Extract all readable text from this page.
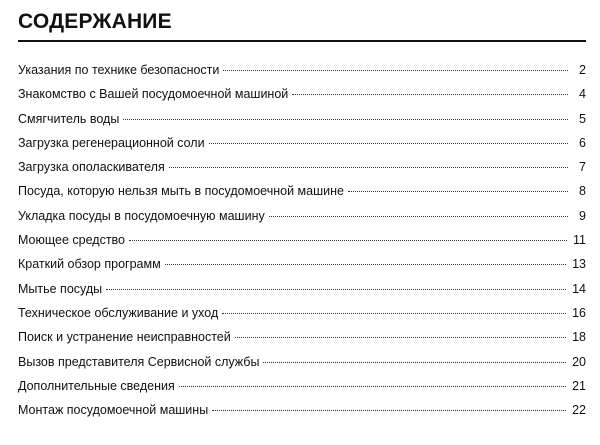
СОДЕРЖАНИЕ
Указания по технике безопасности	2
Знакомство с Вашей посудомоечной машиной	4
Смягчитель воды	5
Загрузка регенерационной соли	6
Загрузка ополаскивателя	7
Посуда, которую нельзя мыть в посудомоечной машине	8
Укладка посуды в посудомоечную машину	9
Моющее средство	11
Краткий обзор программ	13
Мытье посуды	14
Техническое обслуживание и уход	16
Поиск и устранение неисправностей	18
Вызов представителя Сервисной службы	20
Дополнительные сведения	21
Монтаж посудомоечной машины	22
